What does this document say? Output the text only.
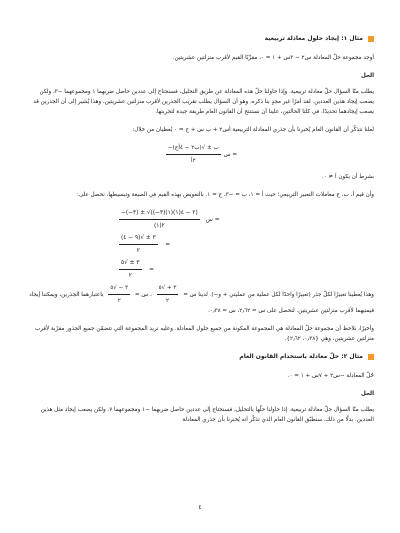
مثال ١: إيجاد حلول معادلة تربيعية

أوجد مجموعة حلّ المعادلة س٢ − ٣س + ١ = ٠، مقرِّبًا القيم لأقرب منزلتين عشريتين.

الحل

يطلب منّا السؤال حلّ معادلة تربيعية. وإذا حاولنا حلّ هذه المعادلة عن طريق التحليل، فسنحتاج إلى عددين حاصل ضربهما ١ ومجموعهما −٣، ولكن يصعب إيجاد هذين العددين. لقد أمرًا غير مجدٍ بنا ذكره، وهو أن السؤال يطلب تقريب الجذرين لأقرب منزلتين عشريتين، وهذا يُشير إلى أن الجذرين قد يصعب إيجادهما تحديدًا. في كلتا الحالتين، علينا أن نستنتج أن القانون العام طريقة جيدة لتجربتها.

لعلنا نتذكّر أن القانون العام يُخبرنا بأن جذري المعادلة التربيعية أس٢ + ب س + ج = ٠ يُعطيان من خلال:

$\frac{\text{−ب ± √(ب٢ − ٤أج)}}{\text{٢أ}}$ س =

بشرط أن يكون أ ≠ ٠.

وأن قيم أ، ب، ج معاملات التعبير التربيعي؛ حيث أ = ١، ب = −٣، ج = ١. بالتعويض بهذه القيم في الصيغة وتبسيطها، نحصل على:

$\frac{-(-٣) \pm √((-٣)٢ - ٤(١)(١))}{٢(١)}$ س =
$\frac{٣ \pm √(٩ - ٤)}{٢}$ =
$\frac{٣ \pm √٥}{٢}$ =

وهذا يُعطينا تعبيرًا لكلّ جذر (تعبيرًا واحدًا لكل عملية من عمليتي + و−). لدينا س =
$\frac{٣ + √٥}{٢}$
، س =
$\frac{٣ - √٥}{٢}$
باعتبارهما الجذرين، ويمكننا إيجاد قيمتيهما لأقرب منزلتين عشريتين. لنحصل على س ≈ ٢٫٦٢، س ≈ ٠٫٣٨.

وأخيرًا، نلاحظ أن مجموعة حلّ المعادلة هي المجموعة المكونة من جميع حلول المعادلة. وعليه نريد المجموعة التي تتضمّن جميع الجذور مقرّبة لأقرب منزلتين عشريتين، وهي {٠٫٣٨، ٢٫٦٢}.

مثال ٢: حلّ معادلة باستخدام القانون العام

حُلّ المعادلة −س٢ + ٧س + ١ = ٠.

الحل

يطلب منّا السؤال حلّ معادلة تربيعية. إذا حاولنا حلّها بالتحليل، فسنحتاج إلى عددين حاصل ضربهما −١ ومجموعهما ٧. ولكن يصعب إيجاد مثل هذين العددين. بدلًا من ذلك، سنطبّق القانون العام الذي تذكّر أنه يُخبرنا بأن جذري المعادلة

٤
